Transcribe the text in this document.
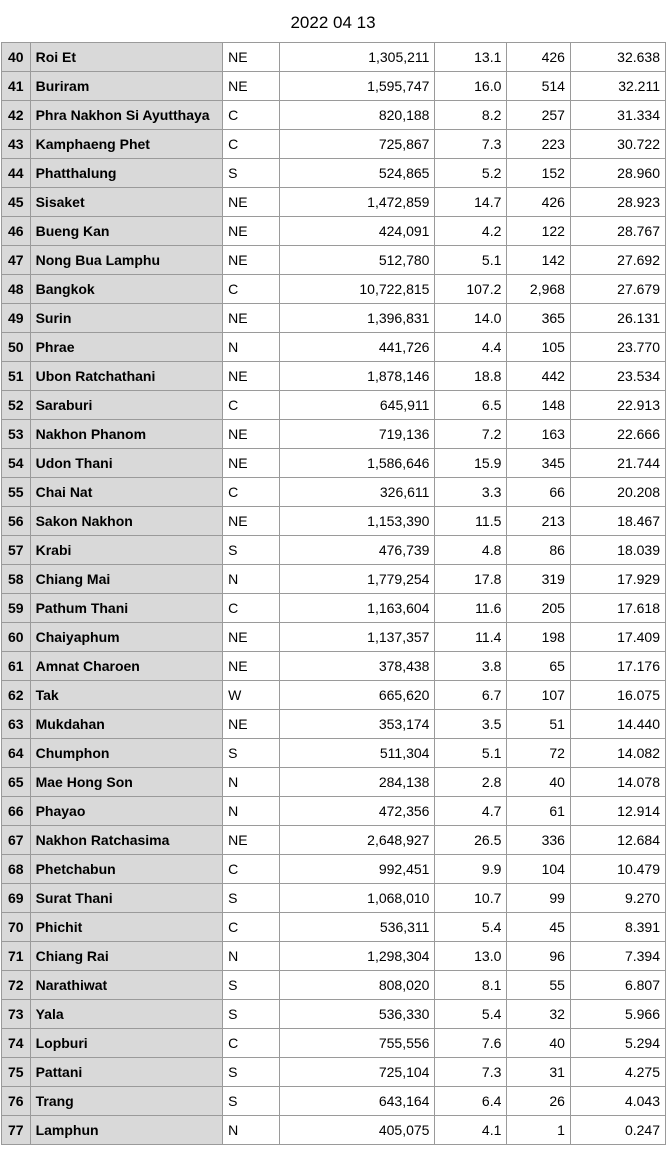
2022 04 13
40	Roi Et	NE	1,305,211	13.1	426	32.638
41	Buriram	NE	1,595,747	16.0	514	32.211
42	Phra Nakhon Si Ayutthaya	C	820,188	8.2	257	31.334
43	Kamphaeng Phet	C	725,867	7.3	223	30.722
44	Phatthalung	S	524,865	5.2	152	28.960
45	Sisaket	NE	1,472,859	14.7	426	28.923
46	Bueng Kan	NE	424,091	4.2	122	28.767
47	Nong Bua Lamphu	NE	512,780	5.1	142	27.692
48	Bangkok	C	10,722,815	107.2	2,968	27.679
49	Surin	NE	1,396,831	14.0	365	26.131
50	Phrae	N	441,726	4.4	105	23.770
51	Ubon Ratchathani	NE	1,878,146	18.8	442	23.534
52	Saraburi	C	645,911	6.5	148	22.913
53	Nakhon Phanom	NE	719,136	7.2	163	22.666
54	Udon Thani	NE	1,586,646	15.9	345	21.744
55	Chai Nat	C	326,611	3.3	66	20.208
56	Sakon Nakhon	NE	1,153,390	11.5	213	18.467
57	Krabi	S	476,739	4.8	86	18.039
58	Chiang Mai	N	1,779,254	17.8	319	17.929
59	Pathum Thani	C	1,163,604	11.6	205	17.618
60	Chaiyaphum	NE	1,137,357	11.4	198	17.409
61	Amnat Charoen	NE	378,438	3.8	65	17.176
62	Tak	W	665,620	6.7	107	16.075
63	Mukdahan	NE	353,174	3.5	51	14.440
64	Chumphon	S	511,304	5.1	72	14.082
65	Mae Hong Son	N	284,138	2.8	40	14.078
66	Phayao	N	472,356	4.7	61	12.914
67	Nakhon Ratchasima	NE	2,648,927	26.5	336	12.684
68	Phetchabun	C	992,451	9.9	104	10.479
69	Surat Thani	S	1,068,010	10.7	99	9.270
70	Phichit	C	536,311	5.4	45	8.391
71	Chiang Rai	N	1,298,304	13.0	96	7.394
72	Narathiwat	S	808,020	8.1	55	6.807
73	Yala	S	536,330	5.4	32	5.966
74	Lopburi	C	755,556	7.6	40	5.294
75	Pattani	S	725,104	7.3	31	4.275
76	Trang	S	643,164	6.4	26	4.043
77	Lamphun	N	405,075	4.1	1	0.247
